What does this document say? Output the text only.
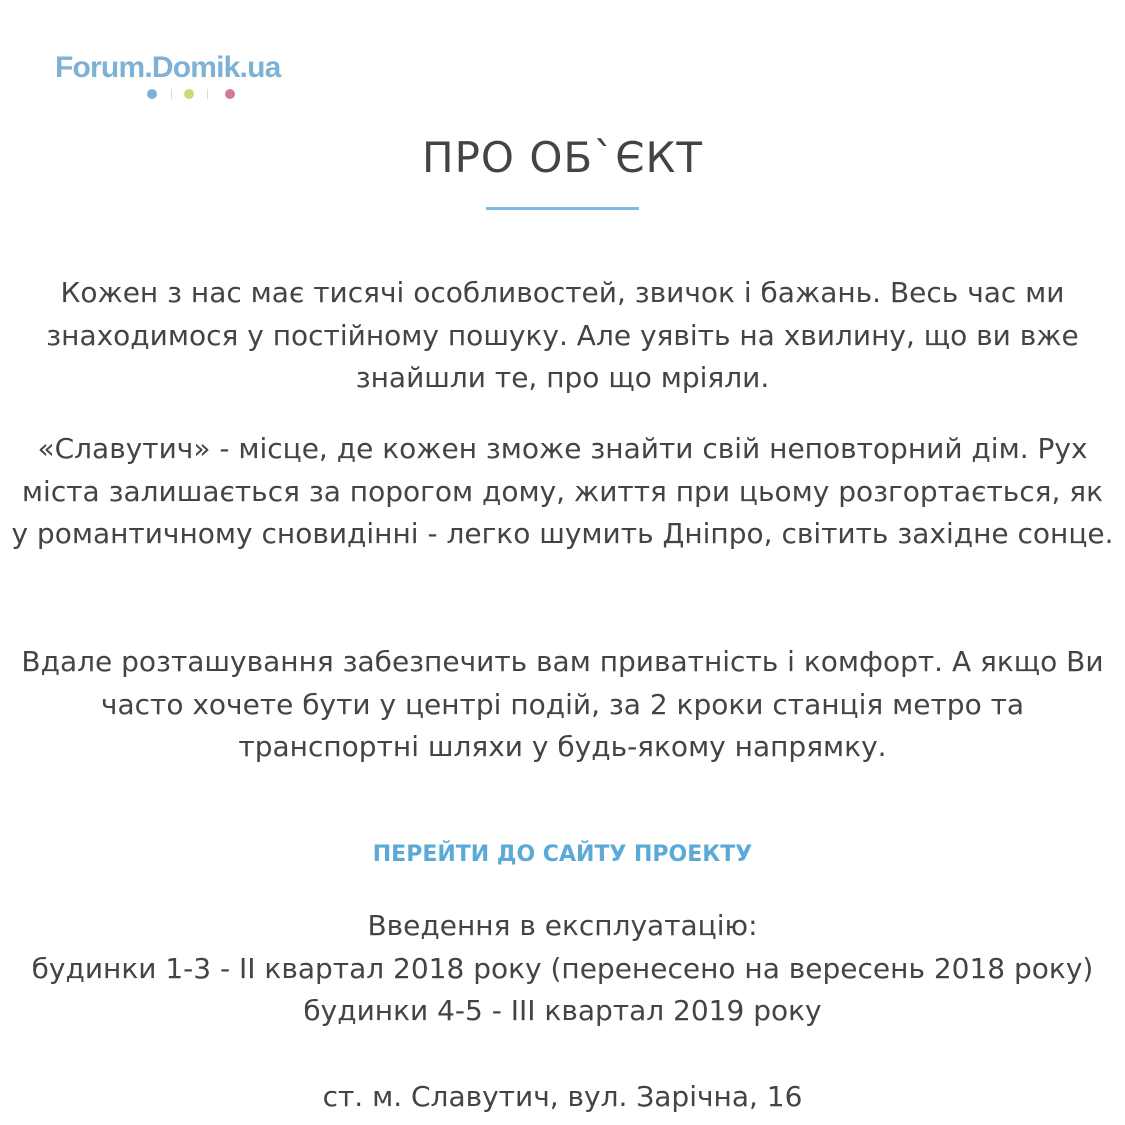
Forum.Domik.ua
ПРО ОБ`ЄКТ
Кожен з нас має тисячі особливостей, звичок і бажань. Весь час ми знаходимося у постійному пошуку. Але уявіть на хвилину, що ви вже знайшли те, про що мріяли.
«Славутич» - місце, де кожен зможе знайти свій неповторний дім. Рух міста залишається за порогом дому, життя при цьому розгортається, як у романтичному сновидінні - легко шумить Дніпро, світить західне сонце.
Вдале розташування забезпечить вам приватність і комфорт. А якщо Ви часто хочете бути у центрі подій, за 2 кроки станція метро та транспортні шляхи у будь-якому напрямку.
ПЕРЕЙТИ ДО САЙТУ ПРОЕКТУ
Введення в експлуатацію:
будинки 1-3 - ІІ квартал 2018 року (перенесено на вересень 2018 року)
будинки 4-5 - ІІІ квартал 2019 року
ст. м. Славутич, вул. Зарічна, 16
